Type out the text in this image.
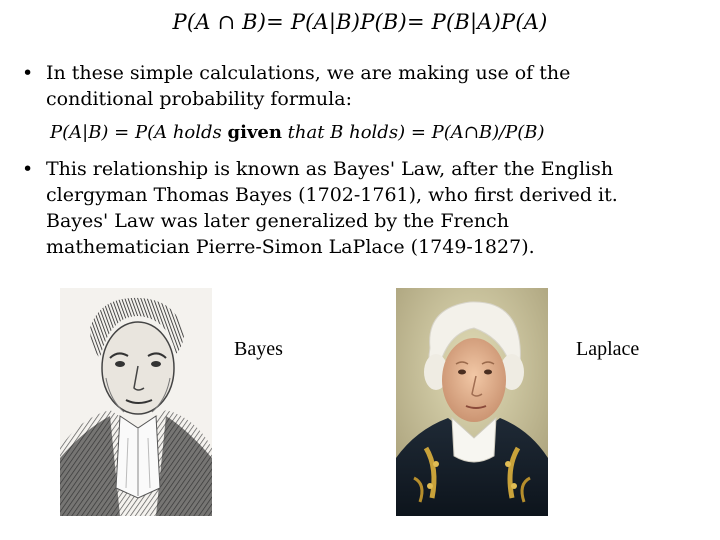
P(A ∩ B)= P(A|B)P(B)= P(B|A)P(A)
• In these simple calculations, we are making use of the
conditional probability formula:
P(A|B) = P(A holds given that B holds) = P(A∩B)/P(B)
• This relationship is known as Bayes' Law, after the English
clergyman Thomas Bayes (1702-1761), who first derived it.
Bayes' Law was later generalized by the French
mathematician Pierre-Simon LaPlace (1749-1827).
Bayes	Laplace
